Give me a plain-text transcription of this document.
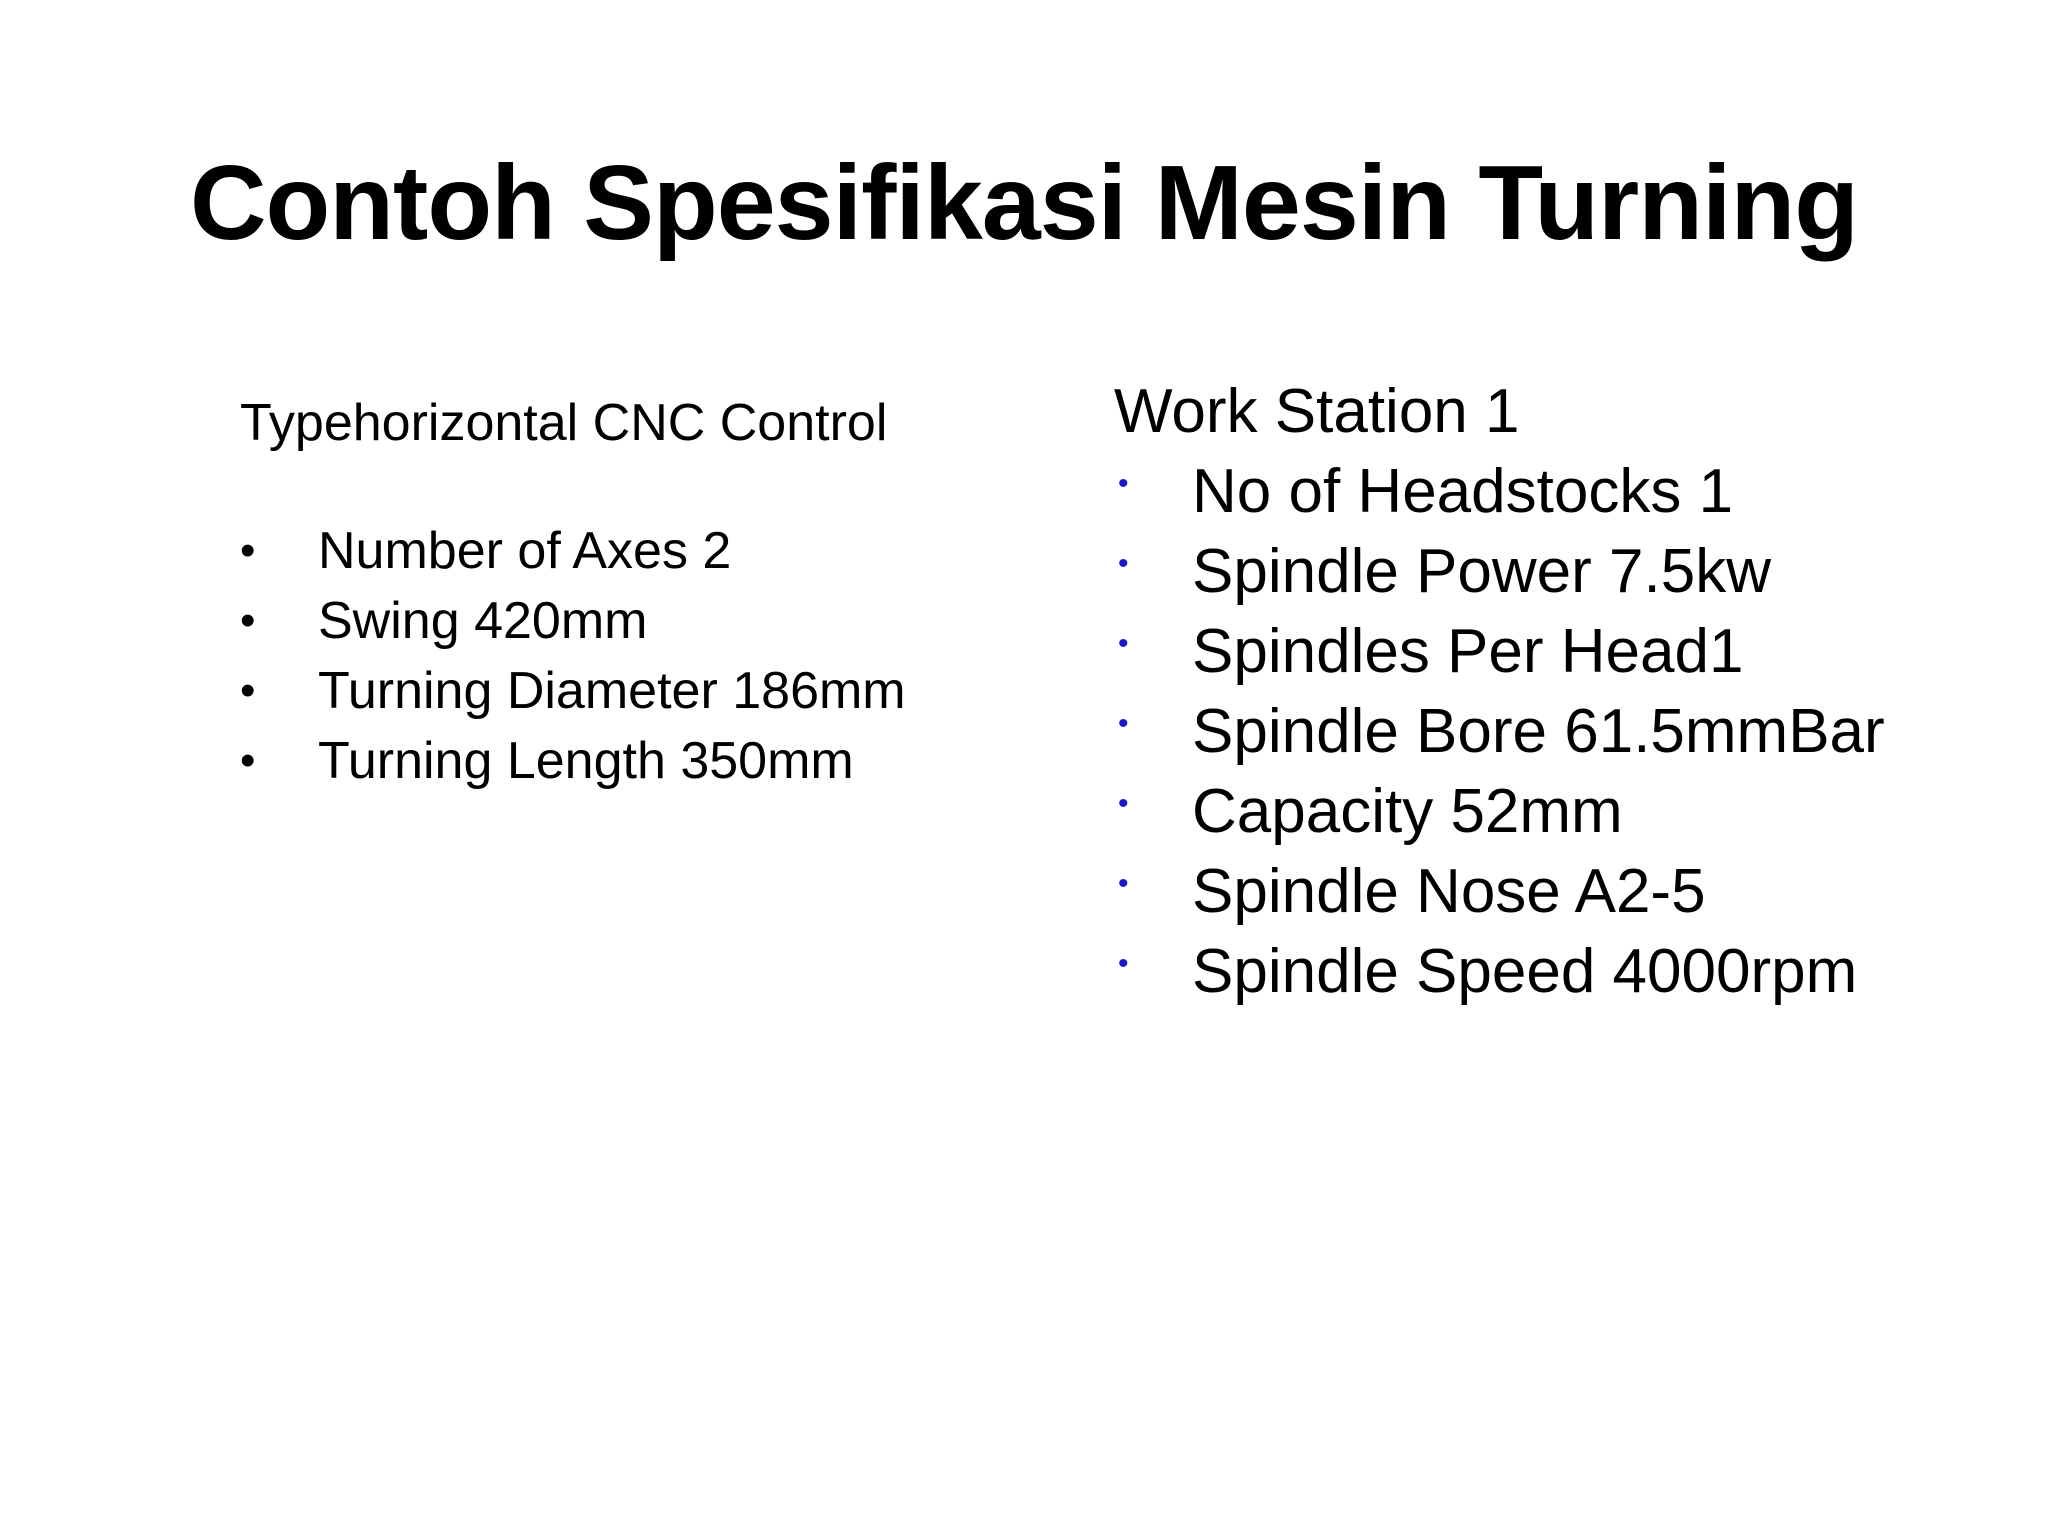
Contoh Spesifikasi Mesin Turning

Typehorizontal CNC Control

• Number of Axes 2
• Swing 420mm
• Turning Diameter 186mm
• Turning Length 350mm

Work Station 1

• No of Headstocks 1
• Spindle Power 7.5kw
• Spindles Per Head1
• Spindle Bore 61.5mmBar
• Capacity 52mm
• Spindle Nose A2-5
• Spindle Speed 4000rpm
